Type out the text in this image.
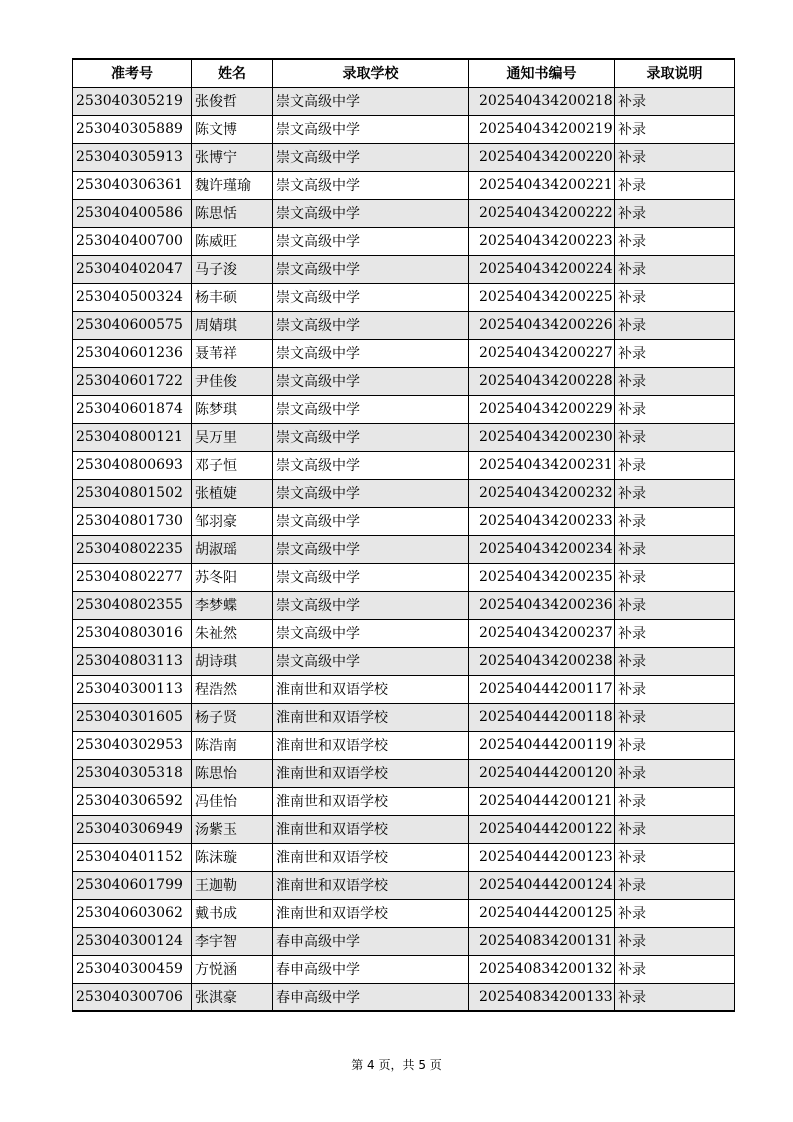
准考号	姓名	录取学校	通知书编号	录取说明
253040305219	张俊哲	崇文高级中学	202540434200218	补录
253040305889	陈文博	崇文高级中学	202540434200219	补录
253040305913	张博宁	崇文高级中学	202540434200220	补录
253040306361	魏许瑾瑜	崇文高级中学	202540434200221	补录
253040400586	陈思恬	崇文高级中学	202540434200222	补录
253040400700	陈威旺	崇文高级中学	202540434200223	补录
253040402047	马子浚	崇文高级中学	202540434200224	补录
253040500324	杨丰硕	崇文高级中学	202540434200225	补录
253040600575	周婧琪	崇文高级中学	202540434200226	补录
253040601236	聂苇祥	崇文高级中学	202540434200227	补录
253040601722	尹佳俊	崇文高级中学	202540434200228	补录
253040601874	陈梦琪	崇文高级中学	202540434200229	补录
253040800121	吴万里	崇文高级中学	202540434200230	补录
253040800693	邓子恒	崇文高级中学	202540434200231	补录
253040801502	张植婕	崇文高级中学	202540434200232	补录
253040801730	邹羽豪	崇文高级中学	202540434200233	补录
253040802235	胡淑瑶	崇文高级中学	202540434200234	补录
253040802277	苏冬阳	崇文高级中学	202540434200235	补录
253040802355	李梦蝶	崇文高级中学	202540434200236	补录
253040803016	朱祉然	崇文高级中学	202540434200237	补录
253040803113	胡诗琪	崇文高级中学	202540434200238	补录
253040300113	程浩然	淮南世和双语学校	202540444200117	补录
253040301605	杨子贤	淮南世和双语学校	202540444200118	补录
253040302953	陈浩南	淮南世和双语学校	202540444200119	补录
253040305318	陈思怡	淮南世和双语学校	202540444200120	补录
253040306592	冯佳怡	淮南世和双语学校	202540444200121	补录
253040306949	汤紫玉	淮南世和双语学校	202540444200122	补录
253040401152	陈沫璇	淮南世和双语学校	202540444200123	补录
253040601799	王迦勒	淮南世和双语学校	202540444200124	补录
253040603062	戴书成	淮南世和双语学校	202540444200125	补录
253040300124	李宇智	春申高级中学	202540834200131	补录
253040300459	方悦涵	春申高级中学	202540834200132	补录
253040300706	张淇豪	春申高级中学	202540834200133	补录
第 4 页，共 5 页
